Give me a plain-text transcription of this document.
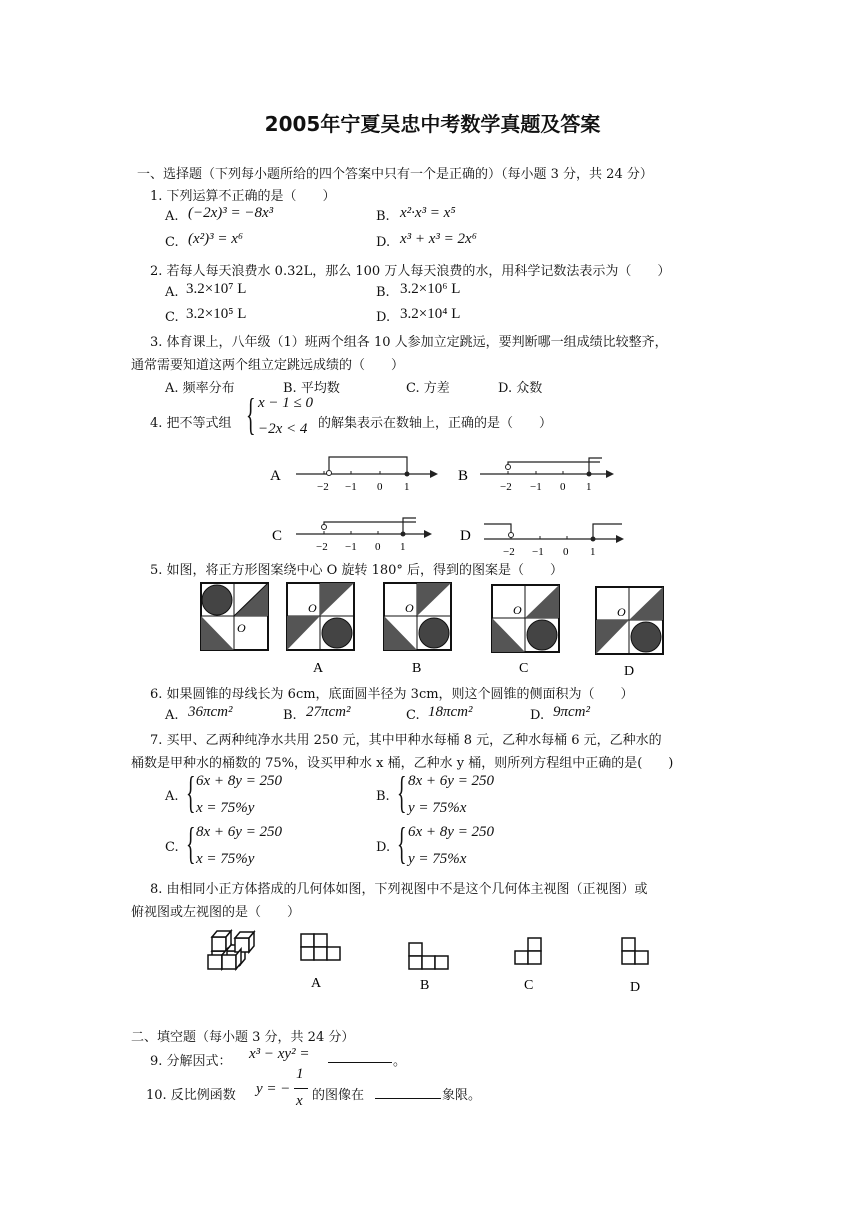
2005年宁夏吴忠中考数学真题及答案
一、选择题（下列每小题所给的四个答案中只有一个是正确的）（每小题 3 分，共 24 分）
1. 下列运算不正确的是（　　）
A. (−2x)³ = −8x³	B. x²·x³ = x⁵
C. (x²)³ = x⁶	D. x³ + x³ = 2x⁶
2. 若每人每天浪费水 0.32L，那么 100 万人每天浪费的水，用科学记数法表示为（　　）
A. 3.2×10⁷ L	B. 3.2×10⁶ L
C. 3.2×10⁵ L	D. 3.2×10⁴ L
3. 体育课上，八年级（1）班两个组各 10 人参加立定跳远，要判断哪一组成绩比较整齐，
通常需要知道这两个组立定跳远成绩的（　　）
A. 频率分布	B. 平均数	C. 方差	D. 众数
4. 把不等式组 { x − 1 ≤ 0
−2x < 4 的解集表示在数轴上，正确的是（　　）
A
−2 −1 0 1
B
−2 −1 0 1
C
−2 −1 0 1
D
−2 −1 0 1
5. 如图，将正方形图案绕中心 O 旋转 180° 后，得到的图案是（　　）
O
O
A
O
B
O
C
O
D
6. 如果圆锥的母线长为 6cm，底面圆半径为 3cm，则这个圆锥的侧面积为（　　）
A. 36πcm²	B. 27πcm²	C. 18πcm²	D. 9πcm²
7. 买甲、乙两种纯净水共用 250 元，其中甲种水每桶 8 元，乙种水每桶 6 元，乙种水的
桶数是甲种水的桶数的 75%，设买甲种水 x 桶，乙种水 y 桶，则所列方程组中正确的是(　　)
A. { 6x + 8y = 250
x = 75%y
B. { 8x + 6y = 250
y = 75%x
C. { 8x + 6y = 250
x = 75%y
D. { 6x + 8y = 250
y = 75%x
8. 由相同小正方体搭成的几何体如图，下列视图中不是这个几何体主视图（正视图）或
俯视图或左视图的是（　　）
A	B	C	D
二、填空题（每小题 3 分，共 24 分）
9. 分解因式： x³ − xy² =	。
10. 反比例函数 y = −
1
x 的图像在	象限。
